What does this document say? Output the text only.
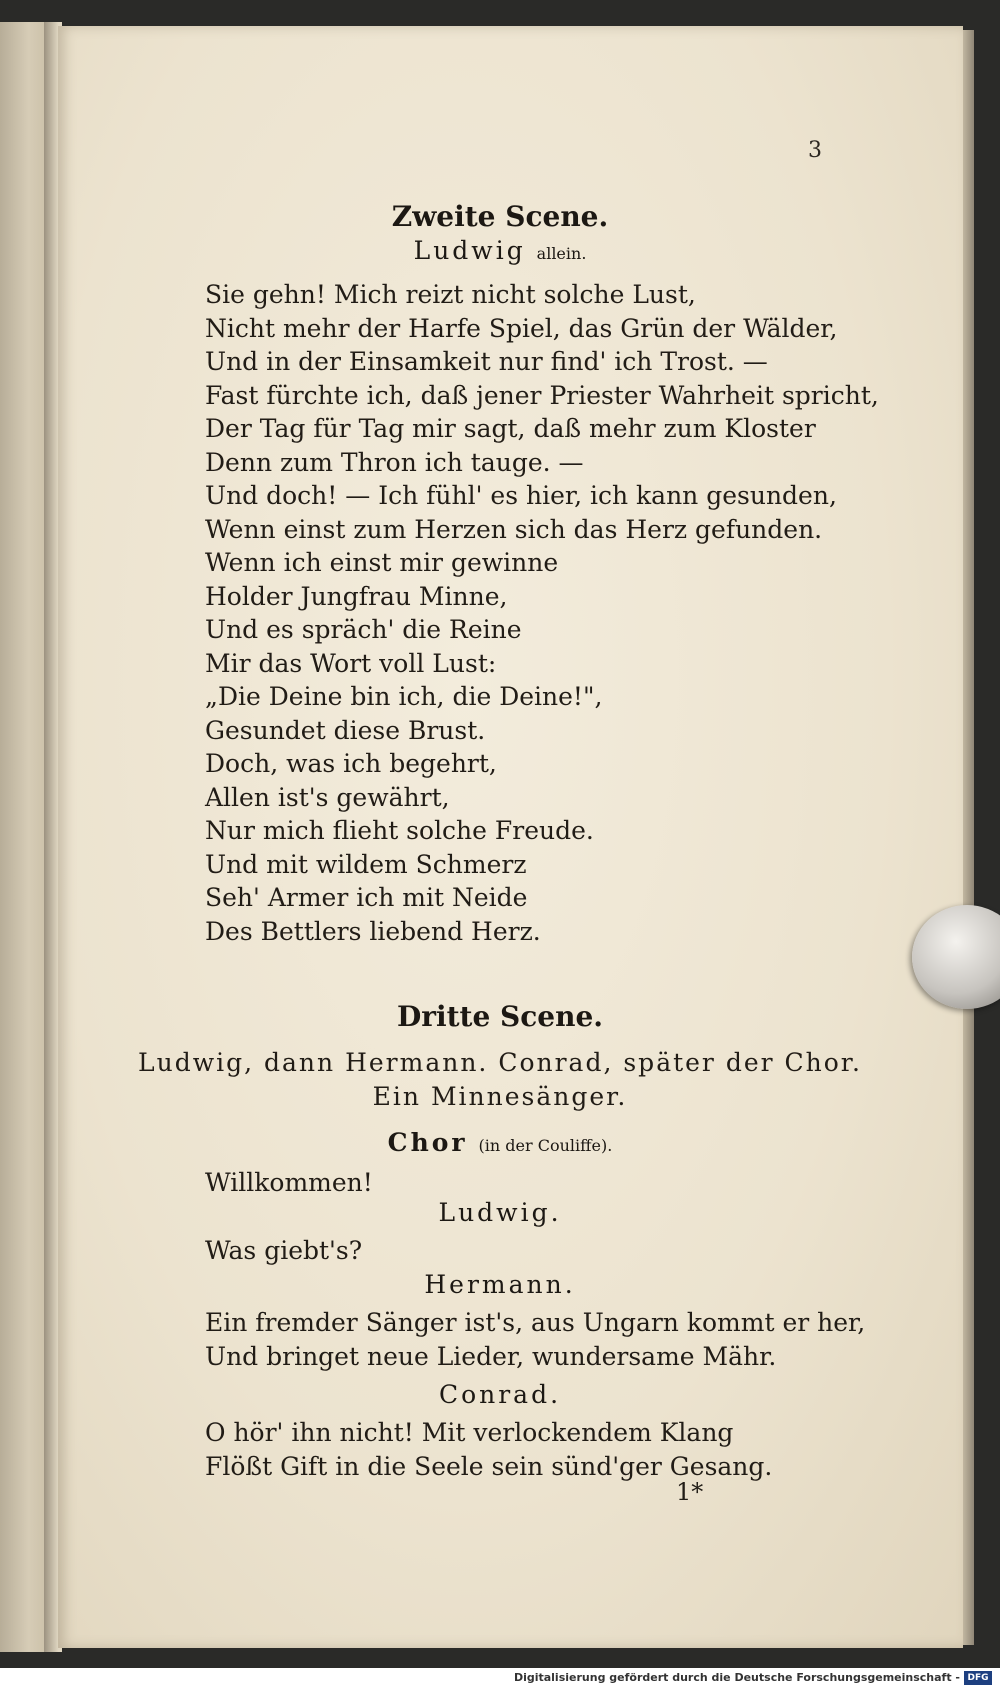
3
Zweite Scene.
Ludwig allein.
Sie gehn! Mich reizt nicht solche Lust,
Nicht mehr der Harfe Spiel, das Grün der Wälder,
Und in der Einsamkeit nur find' ich Trost. —
Fast fürchte ich, daß jener Priester Wahrheit spricht,
Der Tag für Tag mir sagt, daß mehr zum Kloster
Denn zum Thron ich tauge. —
Und doch! — Ich fühl' es hier, ich kann gesunden,
Wenn einst zum Herzen sich das Herz gefunden.
Wenn ich einst mir gewinne
Holder Jungfrau Minne,
Und es spräch' die Reine
Mir das Wort voll Lust:
„Die Deine bin ich, die Deine!",
Gesundet diese Brust.
Doch, was ich begehrt,
Allen ist's gewährt,
Nur mich flieht solche Freude.
Und mit wildem Schmerz
Seh' Armer ich mit Neide
Des Bettlers liebend Herz.
Dritte Scene.
Ludwig, dann Hermann. Conrad, später der Chor.
Ein Minnesänger.
Chor (in der Couliffe).
Willkommen!
Ludwig.
Was giebt's?
Hermann.
Ein fremder Sänger ist's, aus Ungarn kommt er her,
Und bringet neue Lieder, wundersame Mähr.
Conrad.
O hör' ihn nicht! Mit verlockendem Klang
Flößt Gift in die Seele sein sünd'ger Gesang.
1*
Digitalisierung gefördert durch die Deutsche Forschungsgemeinschaft - DFG
